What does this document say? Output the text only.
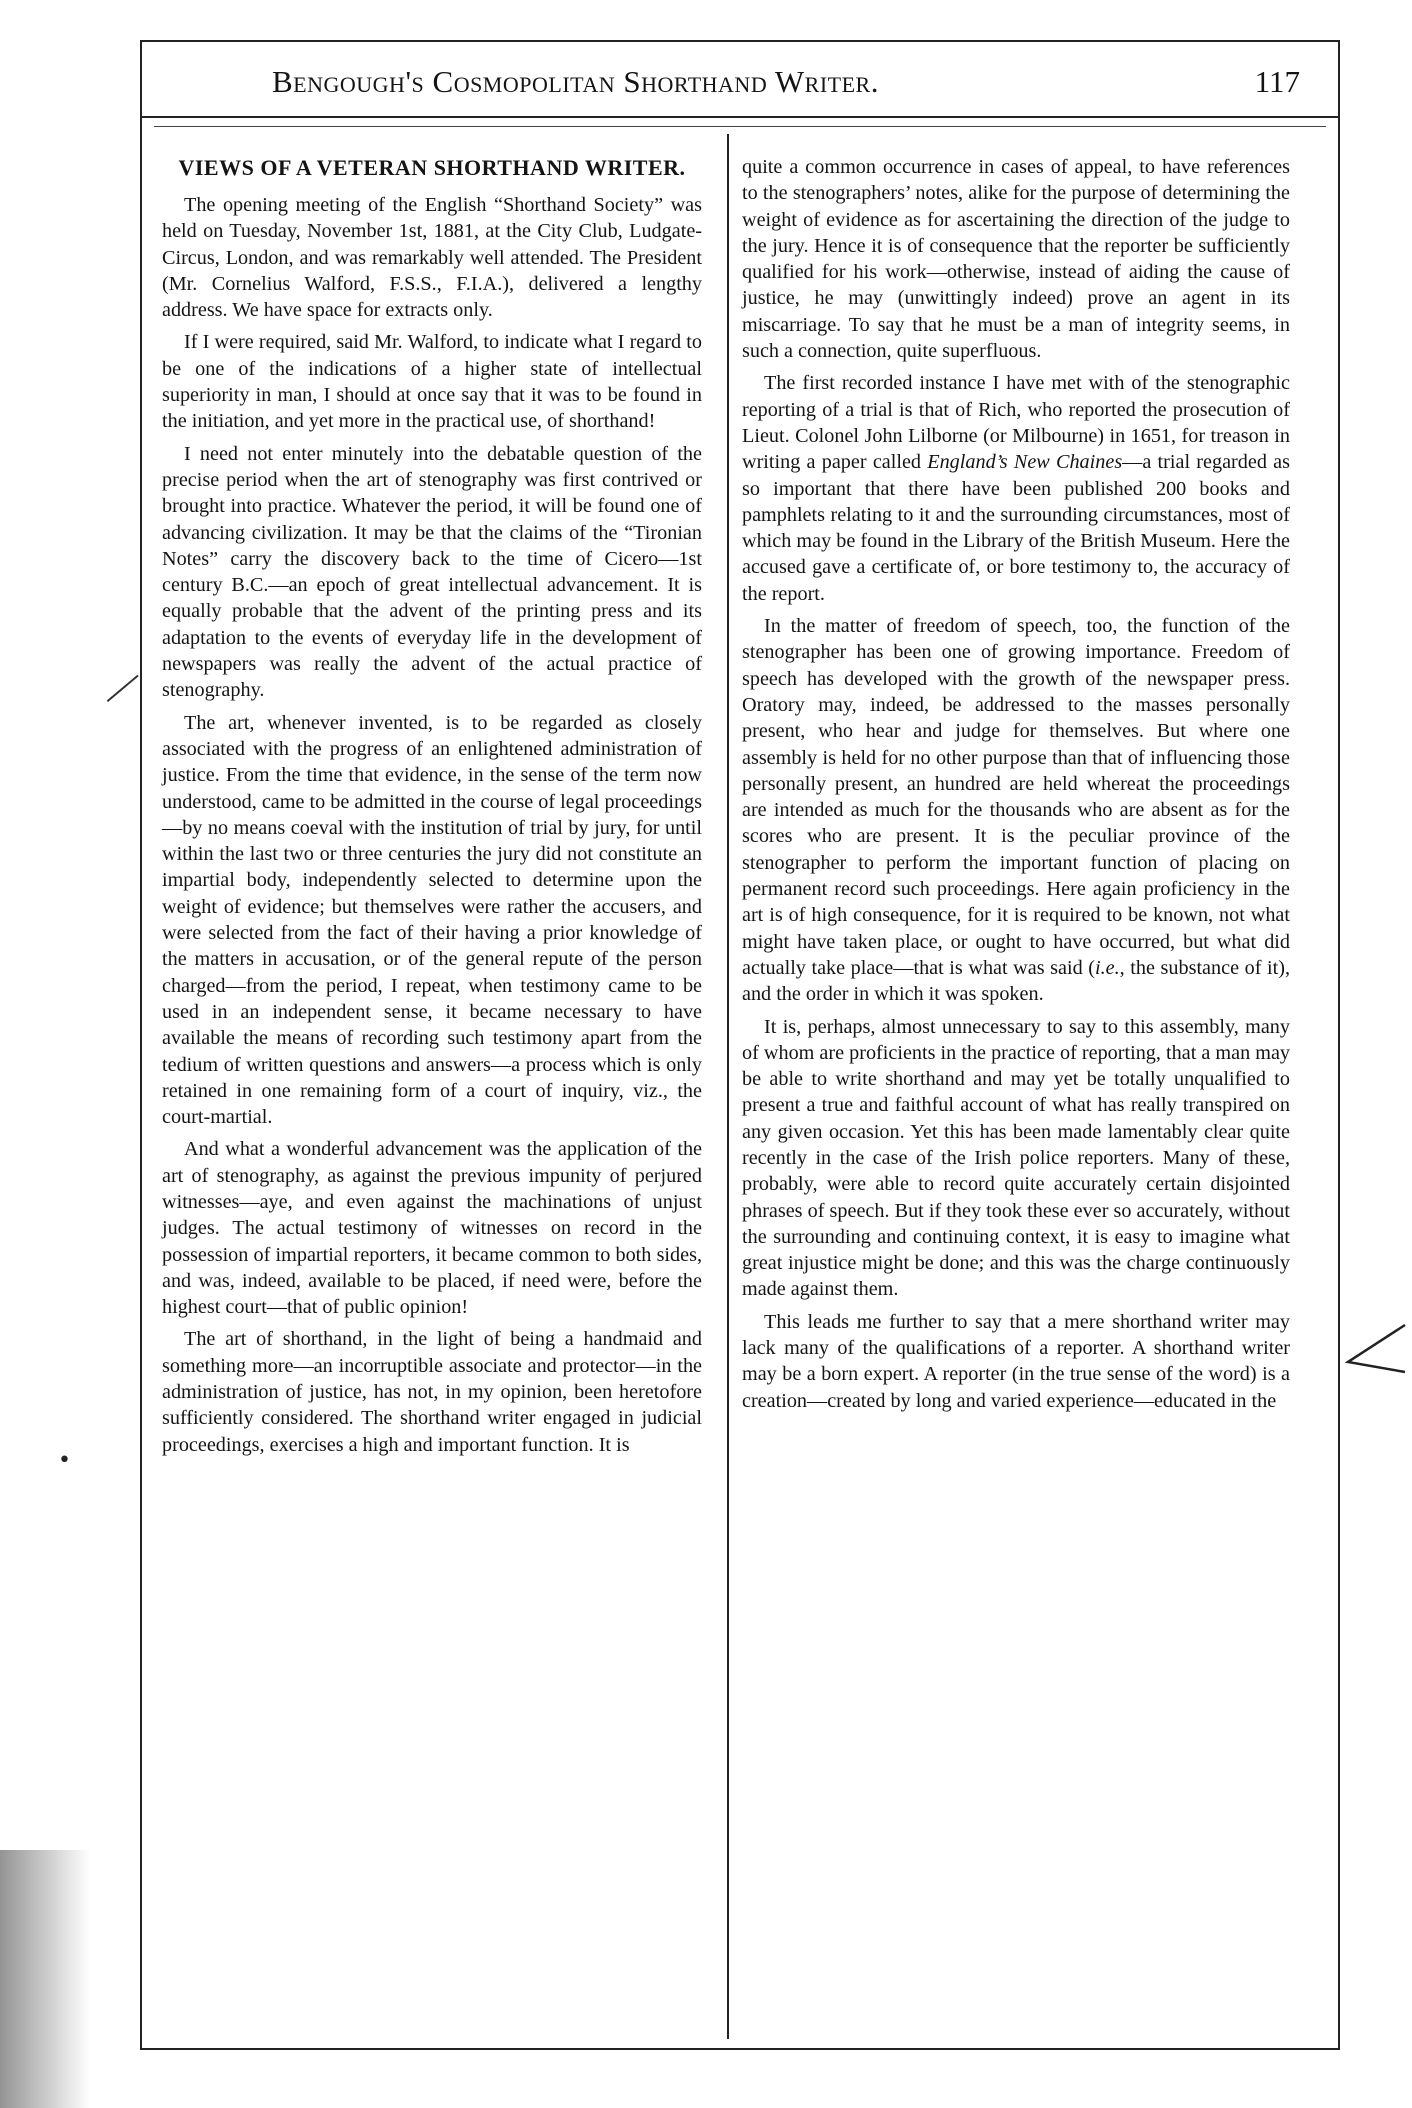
Bengough's Cosmopolitan Shorthand Writer.	117
VIEWS OF A VETERAN SHORTHAND WRITER.

The opening meeting of the English “Shorthand Society” was held on Tuesday, November 1st, 1881, at the City Club, Ludgate-Circus, London, and was remarkably well attended. The President (Mr. Cornelius Walford, F.S.S., F.I.A.), delivered a lengthy address. We have space for extracts only.

If I were required, said Mr. Walford, to indicate what I regard to be one of the indications of a higher state of intellectual superiority in man, I should at once say that it was to be found in the initiation, and yet more in the practical use, of shorthand!

I need not enter minutely into the debatable question of the precise period when the art of stenography was first contrived or brought into practice. Whatever the period, it will be found one of advancing civilization. It may be that the claims of the “Tironian Notes” carry the discovery back to the time of Cicero—1st century B.C.—an epoch of great intellectual advancement. It is equally probable that the advent of the printing press and its adaptation to the events of everyday life in the development of newspapers was really the advent of the actual practice of stenography.

The art, whenever invented, is to be regarded as closely associated with the progress of an enlightened administration of justice. From the time that evidence, in the sense of the term now understood, came to be admitted in the course of legal proceedings—by no means coeval with the institution of trial by jury, for until within the last two or three centuries the jury did not constitute an impartial body, independently selected to determine upon the weight of evidence; but themselves were rather the accusers, and were selected from the fact of their having a prior knowledge of the matters in accusation, or of the general repute of the person charged—from the period, I repeat, when testimony came to be used in an independent sense, it became necessary to have available the means of recording such testimony apart from the tedium of written questions and answers—a process which is only retained in one remaining form of a court of inquiry, viz., the court-martial.

And what a wonderful advancement was the application of the art of stenography, as against the previous impunity of perjured witnesses—aye, and even against the machinations of unjust judges. The actual testimony of witnesses on record in the possession of impartial reporters, it became common to both sides, and was, indeed, available to be placed, if need were, before the highest court—that of public opinion!

The art of shorthand, in the light of being a handmaid and something more—an incorruptible associate and protector—in the administration of justice, has not, in my opinion, been heretofore sufficiently considered. The shorthand writer engaged in judicial proceedings, exercises a high and important function. It is

quite a common occurrence in cases of appeal, to have references to the stenographers’ notes, alike for the purpose of determining the weight of evidence as for ascertaining the direction of the judge to the jury. Hence it is of consequence that the reporter be sufficiently qualified for his work—otherwise, instead of aiding the cause of justice, he may (unwittingly indeed) prove an agent in its miscarriage. To say that he must be a man of integrity seems, in such a connection, quite superfluous.

The first recorded instance I have met with of the stenographic reporting of a trial is that of Rich, who reported the prosecution of Lieut. Colonel John Lilborne (or Milbourne) in 1651, for treason in writing a paper called England’s New Chaines—a trial regarded as so important that there have been published 200 books and pamphlets relating to it and the surrounding circumstances, most of which may be found in the Library of the British Museum. Here the accused gave a certificate of, or bore testimony to, the accuracy of the report.

In the matter of freedom of speech, too, the function of the stenographer has been one of growing importance. Freedom of speech has developed with the growth of the newspaper press. Oratory may, indeed, be addressed to the masses personally present, who hear and judge for themselves. But where one assembly is held for no other purpose than that of influencing those personally present, an hundred are held whereat the proceedings are intended as much for the thousands who are absent as for the scores who are present. It is the peculiar province of the stenographer to perform the important function of placing on permanent record such proceedings. Here again proficiency in the art is of high consequence, for it is required to be known, not what might have taken place, or ought to have occurred, but what did actually take place—that is what was said (i.e., the substance of it), and the order in which it was spoken.

It is, perhaps, almost unnecessary to say to this assembly, many of whom are proficients in the practice of reporting, that a man may be able to write shorthand and may yet be totally unqualified to present a true and faithful account of what has really transpired on any given occasion. Yet this has been made lamentably clear quite recently in the case of the Irish police reporters. Many of these, probably, were able to record quite accurately certain disjointed phrases of speech. But if they took these ever so accurately, without the surrounding and continuing context, it is easy to imagine what great injustice might be done; and this was the charge continuously made against them.

This leads me further to say that a mere shorthand writer may lack many of the qualifications of a reporter. A shorthand writer may be a born expert. A reporter (in the true sense of the word) is a creation—created by long and varied experience—educated in the

•
